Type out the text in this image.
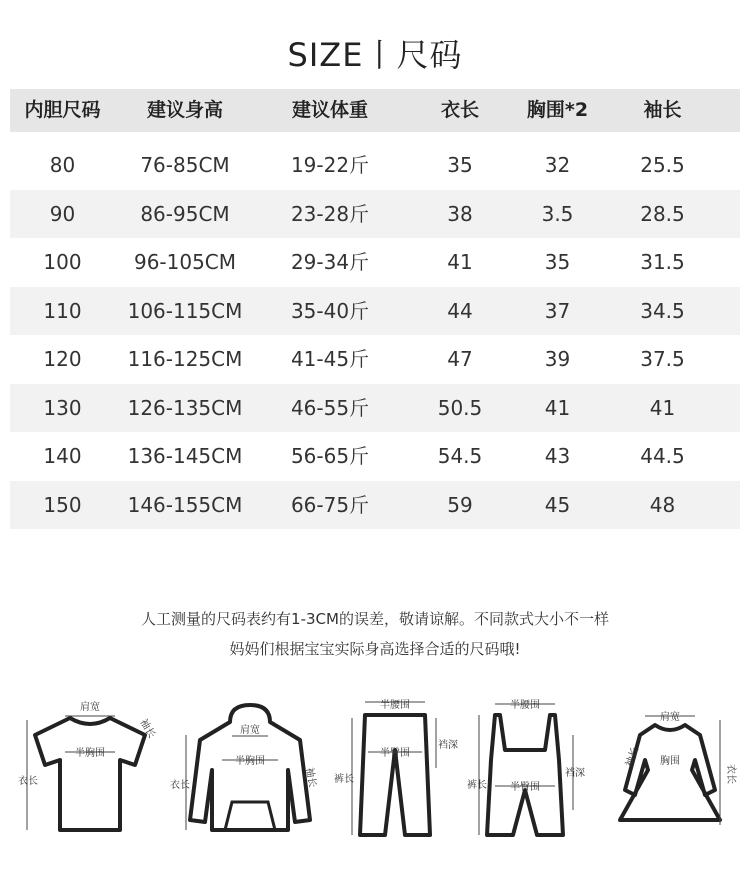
SIZE丨尺码
内胆尺码	建议身高	建议体重	衣长	胸围*2	袖长
80	76-85CM	19-22斤	35	32	25.5
90	86-95CM	23-28斤	38	3.5	28.5
100	96-105CM	29-34斤	41	35	31.5
110	106-115CM	35-40斤	44	37	34.5
120	116-125CM	41-45斤	47	39	37.5
130	126-135CM	46-55斤	50.5	41	41
140	136-145CM	56-65斤	54.5	43	44.5
150	146-155CM	66-75斤	59	45	48
人工测量的尺码表约有1-3CM的误差，敬请谅解。不同款式大小不一样
妈妈们根据宝宝实际身高选择合适的尺码哦!
肩宽
袖长
半胸围
衣长
肩宽
半胸围
袖长
衣长
半腰围
半臀围
裆深
裤长
半腰围
半臀围
裆深
裤长
肩宽
袖长 胸围
衣长
